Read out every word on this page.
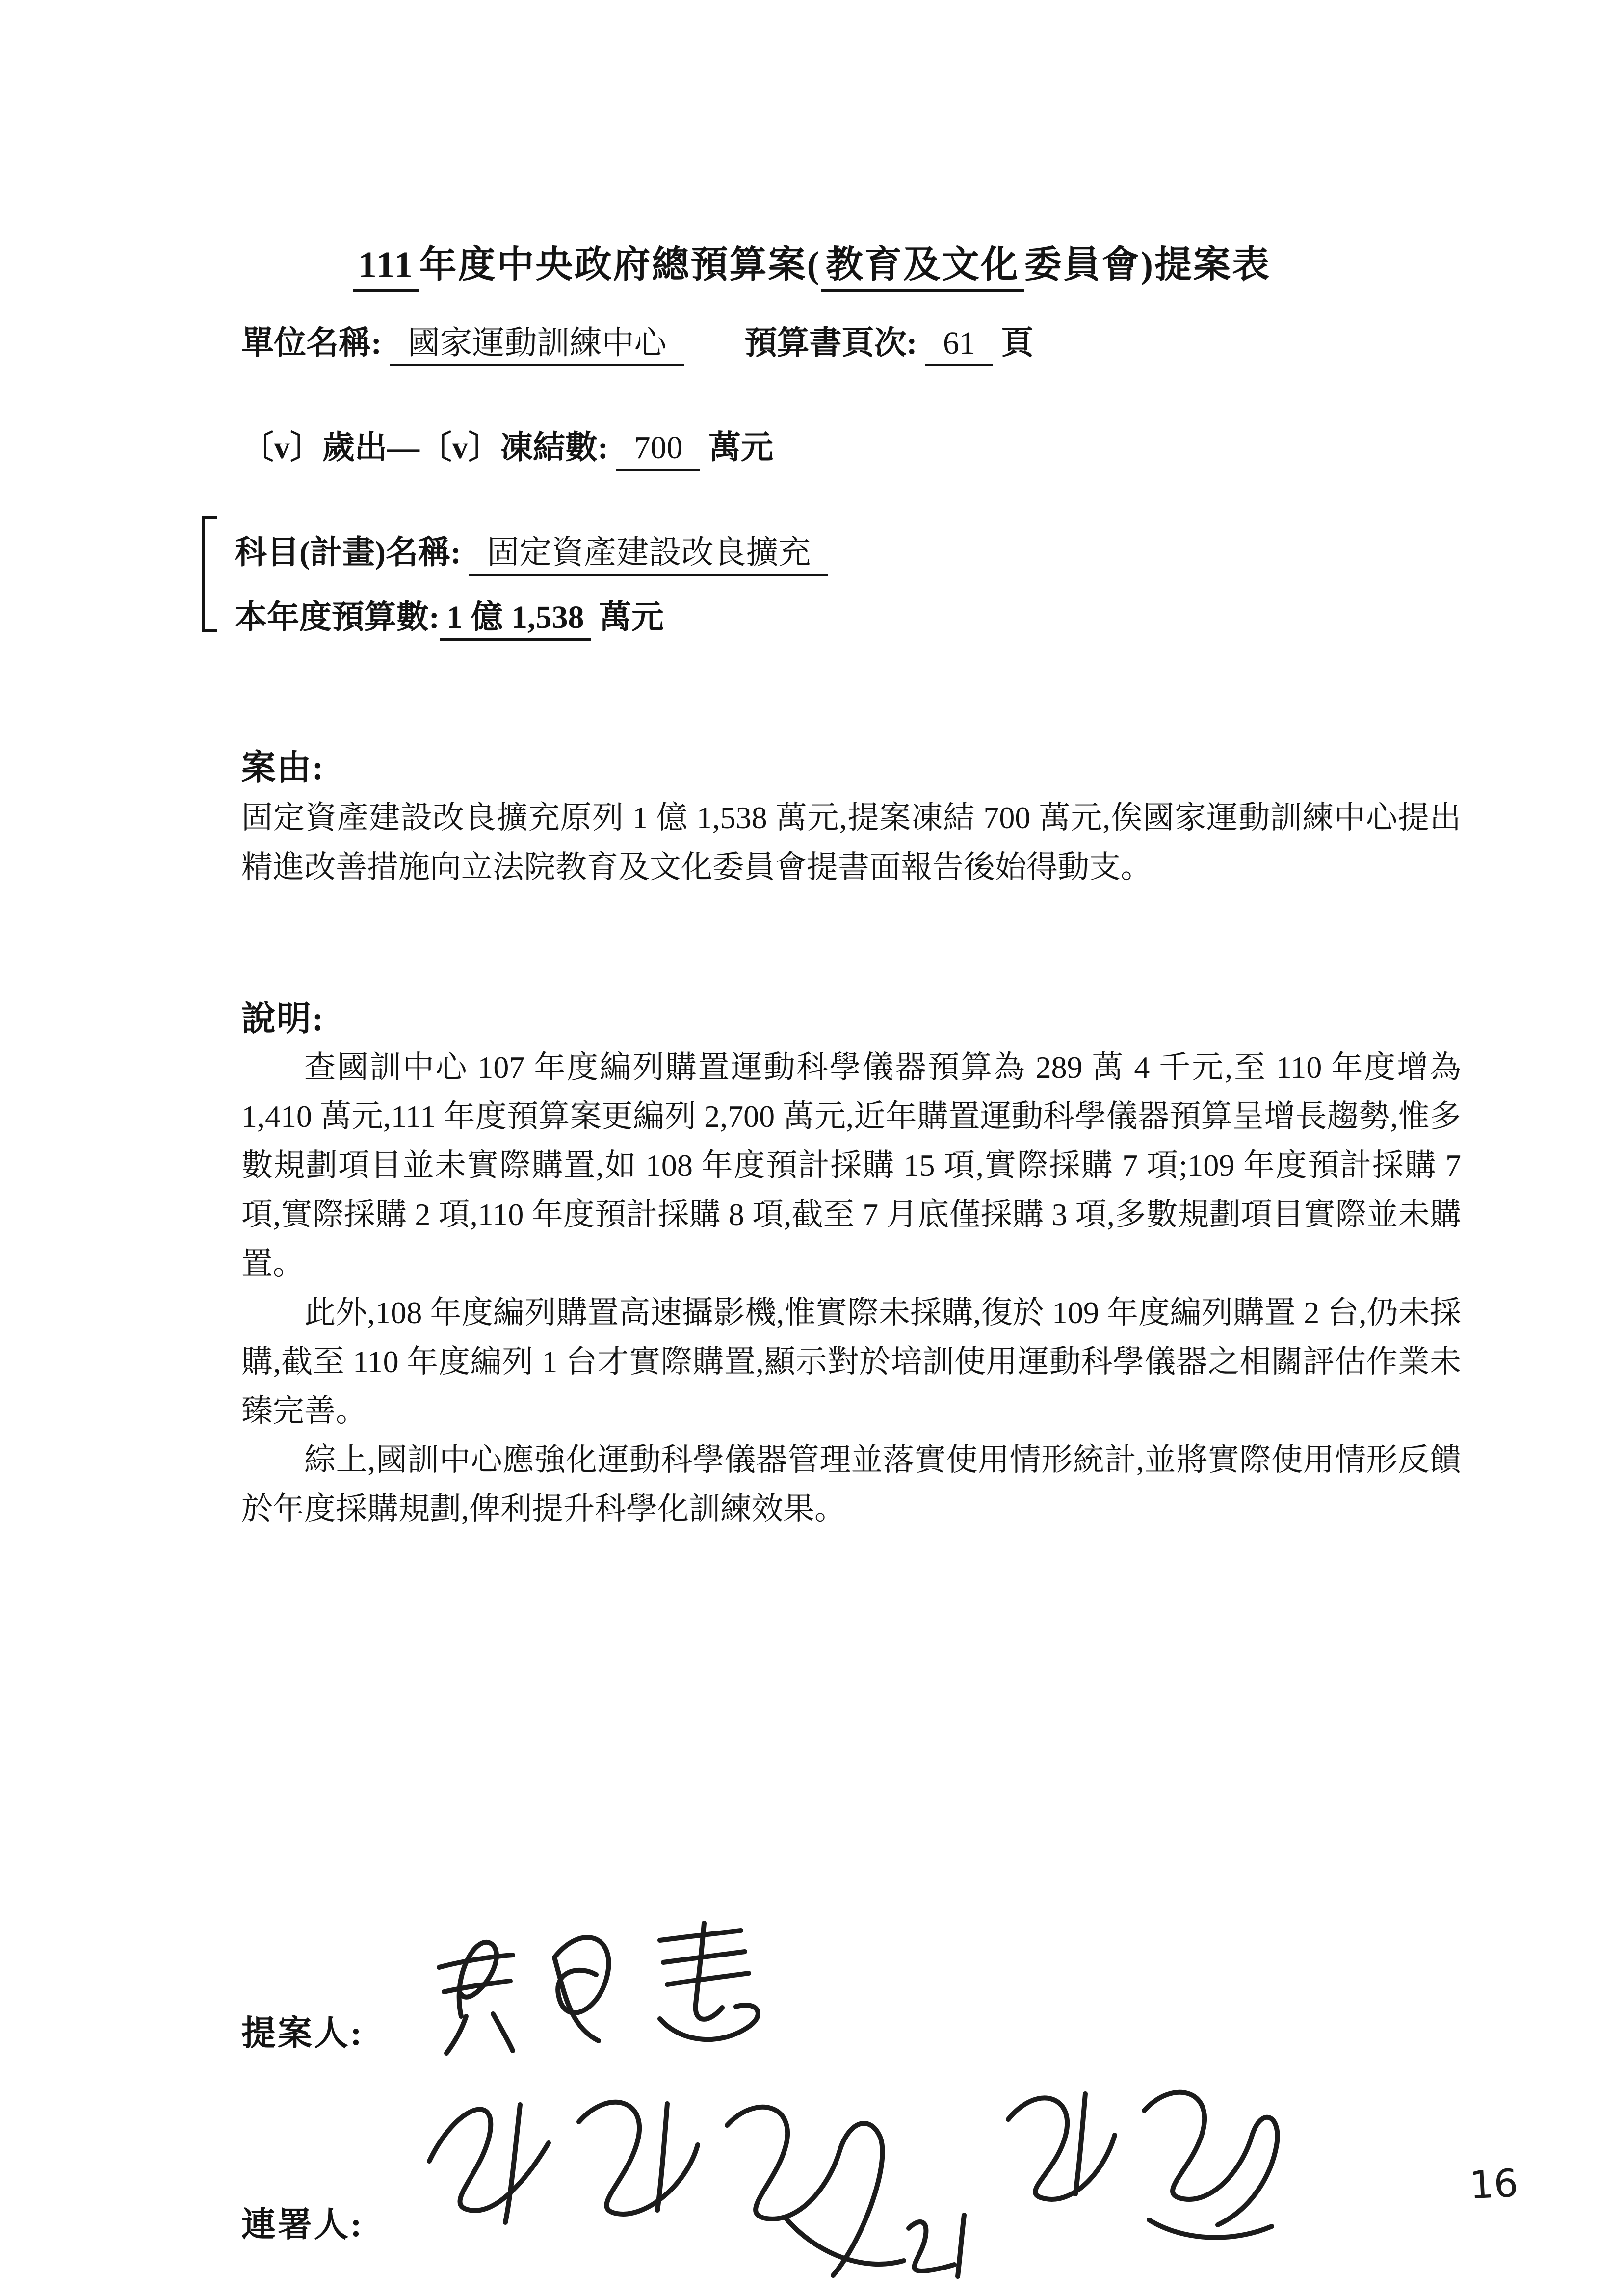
111 年度中央政府總預算案( 教育及文化 委員會)提案表
單位名稱: 國家運動訓練中心 預算書頁次: 61 頁
〔v〕歲出—〔v〕凍結數: 700 萬元
科目(計畫)名稱: 固定資產建設改良擴充
本年度預算數: 1 億 1,538 萬元
案由:
固定資產建設改良擴充原列 1 億 1,538 萬元,提案凍結 700 萬元,俟國家運動訓練中心提出精進改善措施向立法院教育及文化委員會提書面報告後始得動支。
說明:

查國訓中心 107 年度編列購置運動科學儀器預算為 289 萬 4 千元,至 110 年度增為 1,410 萬元,111 年度預算案更編列 2,700 萬元,近年購置運動科學儀器預算呈增長趨勢,惟多數規劃項目並未實際購置,如 108 年度預計採購 15 項,實際採購 7 項;109 年度預計採購 7 項,實際採購 2 項,110 年度預計採購 8 項,截至 7 月底僅採購 3 項,多數規劃項目實際並未購置。

此外,108 年度編列購置高速攝影機,惟實際未採購,復於 109 年度編列購置 2 台,仍未採購,截至 110 年度編列 1 台才實際購置,顯示對於培訓使用運動科學儀器之相關評估作業未臻完善。

綜上,國訓中心應強化運動科學儀器管理並落實使用情形統計,並將實際使用情形反饋於年度採購規劃,俾利提升科學化訓練效果。

提案人:
連署人:
16
